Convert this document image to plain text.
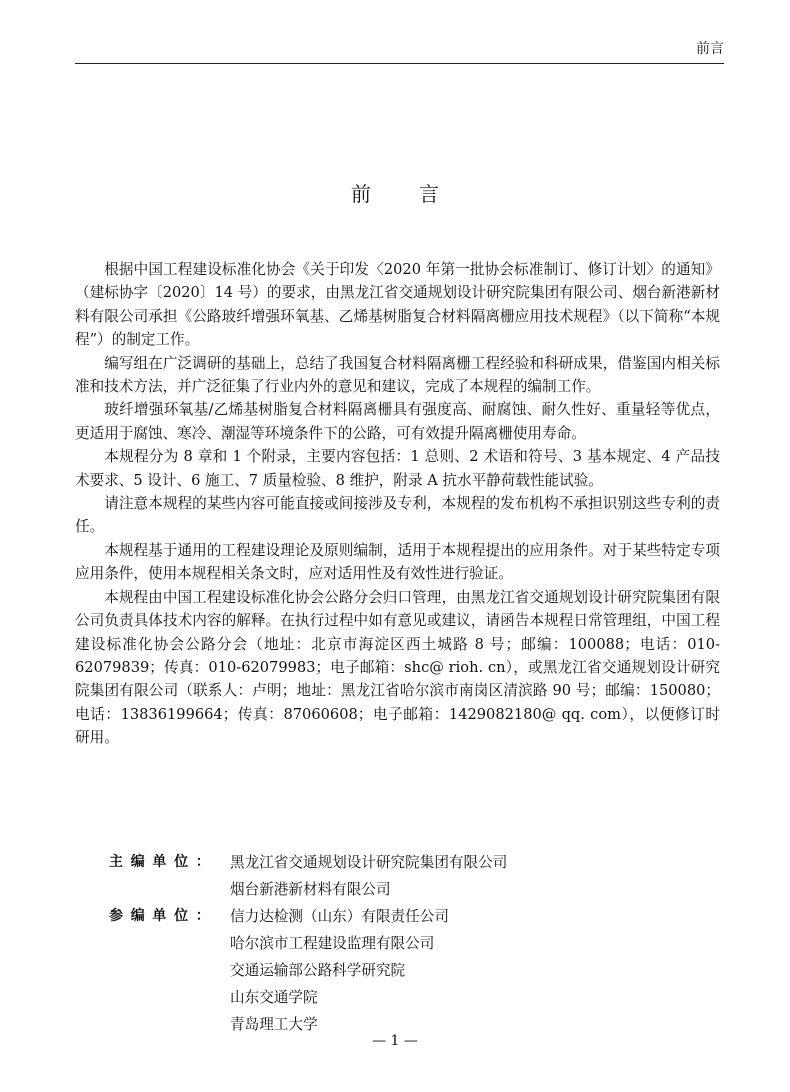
前言
前言

根据中国工程建设标准化协会《关于印发〈2020 年第一批协会标准制订、修订计划〉的通知》（建标协字〔2020〕14 号）的要求，由黑龙江省交通规划设计研究院集团有限公司、烟台新港新材料有限公司承担《公路玻纤增强环氧基、乙烯基树脂复合材料隔离栅应用技术规程》（以下简称“本规程”）的制定工作。

编写组在广泛调研的基础上，总结了我国复合材料隔离栅工程经验和科研成果，借鉴国内相关标准和技术方法，并广泛征集了行业内外的意见和建议，完成了本规程的编制工作。

玻纤增强环氧基/乙烯基树脂复合材料隔离栅具有强度高、耐腐蚀、耐久性好、重量轻等优点，更适用于腐蚀、寒冷、潮湿等环境条件下的公路，可有效提升隔离栅使用寿命。

本规程分为 8 章和 1 个附录，主要内容包括：1 总则、2 术语和符号、3 基本规定、4 产品技术要求、5 设计、6 施工、7 质量检验、8 维护，附录 A 抗水平静荷载性能试验。

请注意本规程的某些内容可能直接或间接涉及专利，本规程的发布机构不承担识别这些专利的责任。

本规程基于通用的工程建设理论及原则编制，适用于本规程提出的应用条件。对于某些特定专项应用条件，使用本规程相关条文时，应对适用性及有效性进行验证。

本规程由中国工程建设标准化协会公路分会归口管理，由黑龙江省交通规划设计研究院集团有限公司负责具体技术内容的解释。在执行过程中如有意见或建议，请函告本规程日常管理组，中国工程建设标准化协会公路分会（地址：北京市海淀区西土城路 8 号；邮编：100088；电话：010-62079839；传真：010-62079983；电子邮箱：shc@ rioh. cn），或黑龙江省交通规划设计研究院集团有限公司（联系人：卢明；地址：黑龙江省哈尔滨市南岗区清滨路 90 号；邮编：150080；电话：13836199664；传真：87060608；电子邮箱：1429082180@ qq. com），以便修订时研用。

主编单位： 黑龙江省交通规划设计研究院集团有限公司
烟台新港新材料有限公司
参编单位： 信力达检测（山东）有限责任公司
哈尔滨市工程建设监理有限公司
交通运输部公路科学研究院
山东交通学院
青岛理工大学
— 1 —
